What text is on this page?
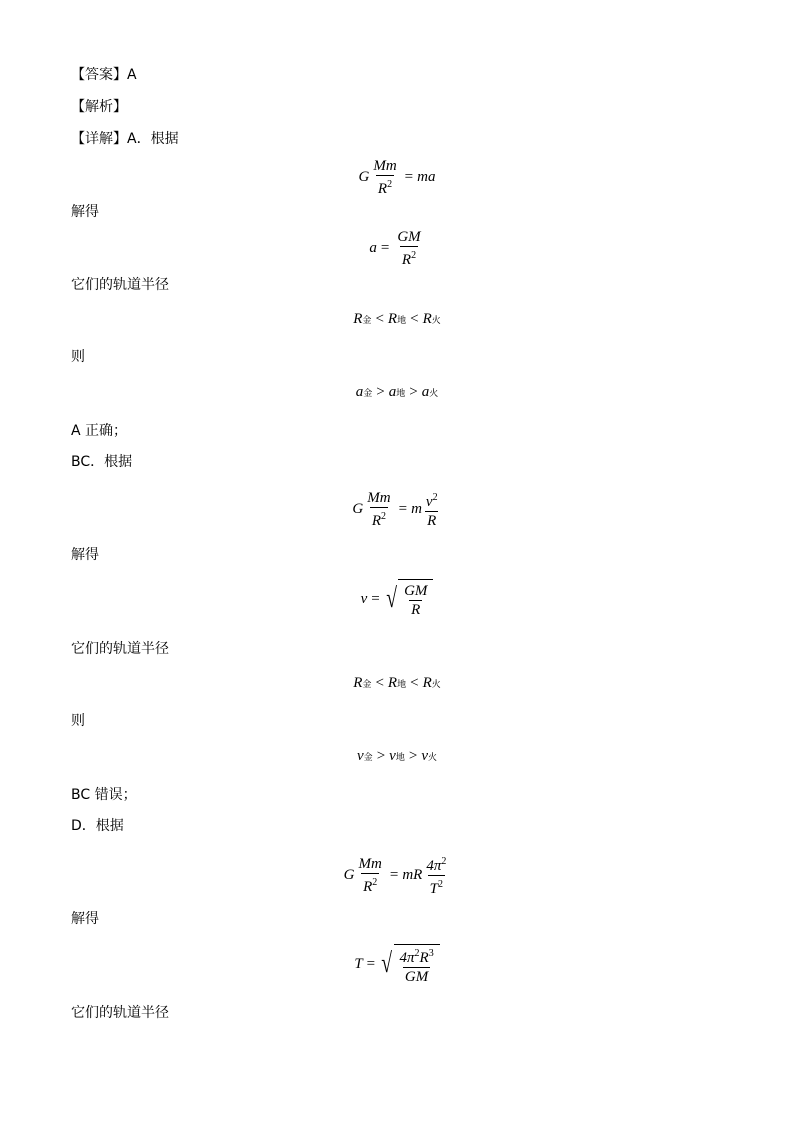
【答案】A
【解析】
【详解】A．根据
G $\frac{Mm}{R^2}$ = ma
解得
$a = \frac{GM}{R^2}$
它们的轨道半径
R 金 < R 地 < R 火
则
a 金 > a 地 > a 火
A 正确；
BC．根据
G $\frac{Mm}{R^2} = m \frac{v^2}{R}$
解得
v = √ $\frac{GM}{R}$
它们的轨道半径
R 金 < R 地 < R 火
则
v 金 > v 地 > v 火
BC 错误；
D．根据
G $\frac{Mm}{R^2}$ = mR $\frac{4\pi^2}{T^2}$
解得
T = √ $\frac{4\pi^2R^3}{GM}$
它们的轨道半径
